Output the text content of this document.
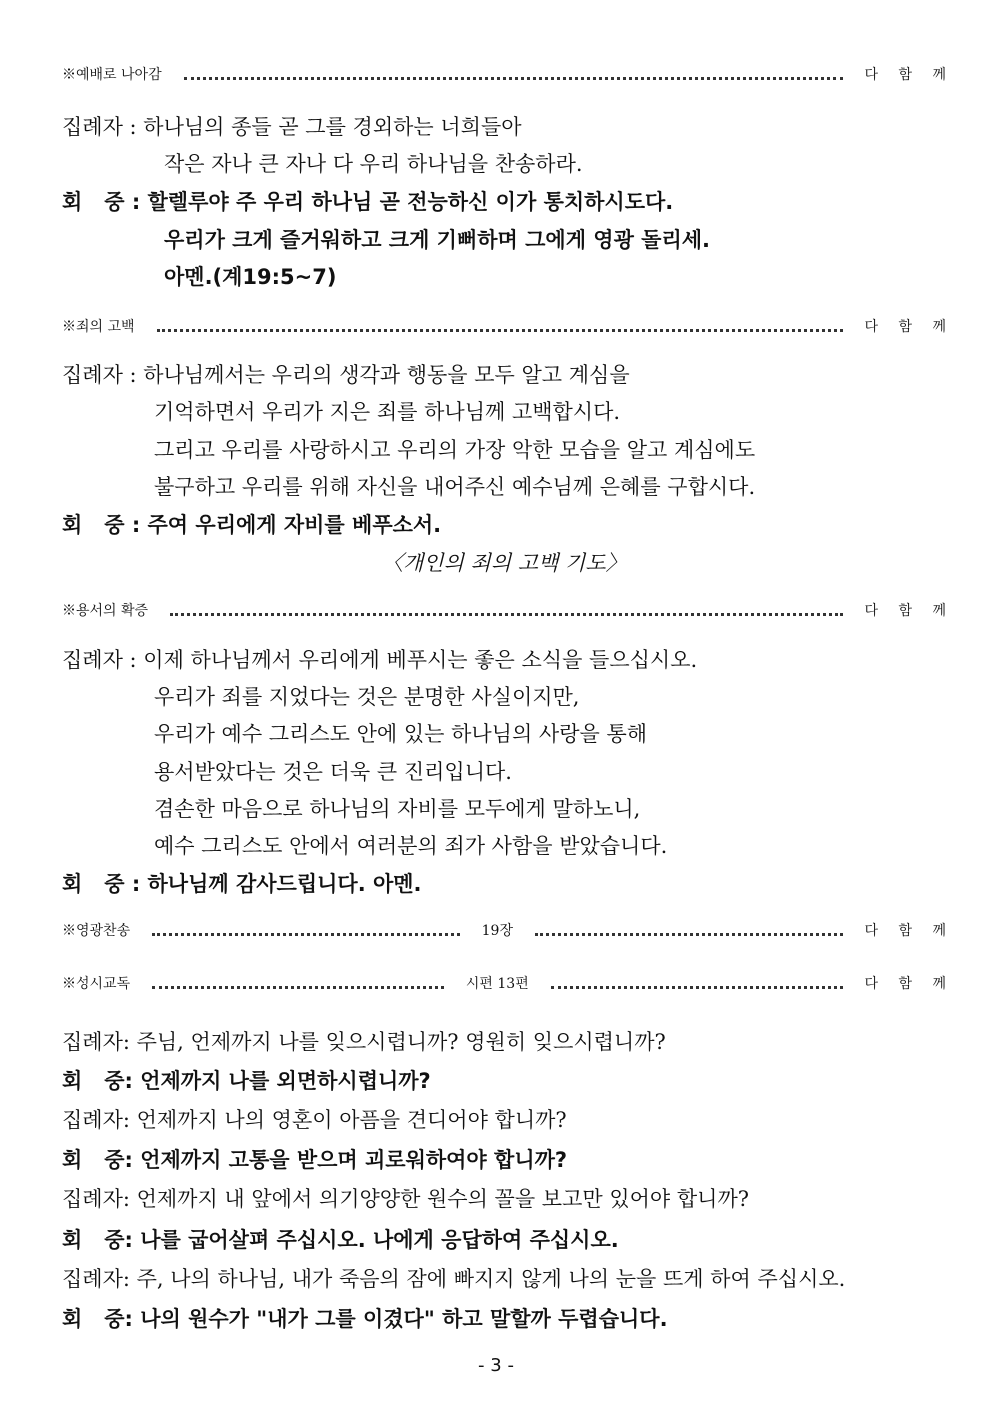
※예배로 나아감	다 함 께
집례자 : 하나님의 종들 곧 그를 경외하는 너희들아
작은 자나 큰 자나 다 우리 하나님을 찬송하라.
회   중 : 할렐루야 주 우리 하나님 곧 전능하신 이가 통치하시도다.
우리가 크게 즐거워하고 크게 기뻐하며 그에게 영광 돌리세.
아멘.(계19:5~7)
※죄의 고백	다 함 께
집례자 : 하나님께서는 우리의 생각과 행동을 모두 알고 계심을
기억하면서 우리가 지은 죄를 하나님께 고백합시다.
그리고 우리를 사랑하시고 우리의 가장 악한 모습을 알고 계심에도
불구하고 우리를 위해 자신을 내어주신 예수님께 은혜를 구합시다.
회   중 : 주여 우리에게 자비를 베푸소서.
〈개인의 죄의 고백 기도〉
※용서의 확증	다 함 께
집례자 : 이제 하나님께서 우리에게 베푸시는 좋은 소식을 들으십시오.
우리가 죄를 지었다는 것은 분명한 사실이지만,
우리가 예수 그리스도 안에 있는 하나님의 사랑을 통해
용서받았다는 것은 더욱 큰 진리입니다.
겸손한 마음으로 하나님의 자비를 모두에게 말하노니,
예수 그리스도 안에서 여러분의 죄가 사함을 받았습니다.
회   중 : 하나님께 감사드립니다. 아멘.
※영광찬송	19장	다 함 께
※성시교독	시편 13편	다 함 께
집례자: 주님, 언제까지 나를 잊으시렵니까? 영원히 잊으시렵니까?
회   중: 언제까지 나를 외면하시렵니까?
집례자: 언제까지 나의 영혼이 아픔을 견디어야 합니까?
회   중: 언제까지 고통을 받으며 괴로워하여야 합니까?
집례자: 언제까지 내 앞에서 의기양양한 원수의 꼴을 보고만 있어야 합니까?
회   중: 나를 굽어살펴 주십시오. 나에게 응답하여 주십시오.
집례자: 주, 나의 하나님, 내가 죽음의 잠에 빠지지 않게 나의 눈을 뜨게 하여 주십시오.
회   중: 나의 원수가 "내가 그를 이겼다" 하고 말할까 두렵습니다.
- 3 -
